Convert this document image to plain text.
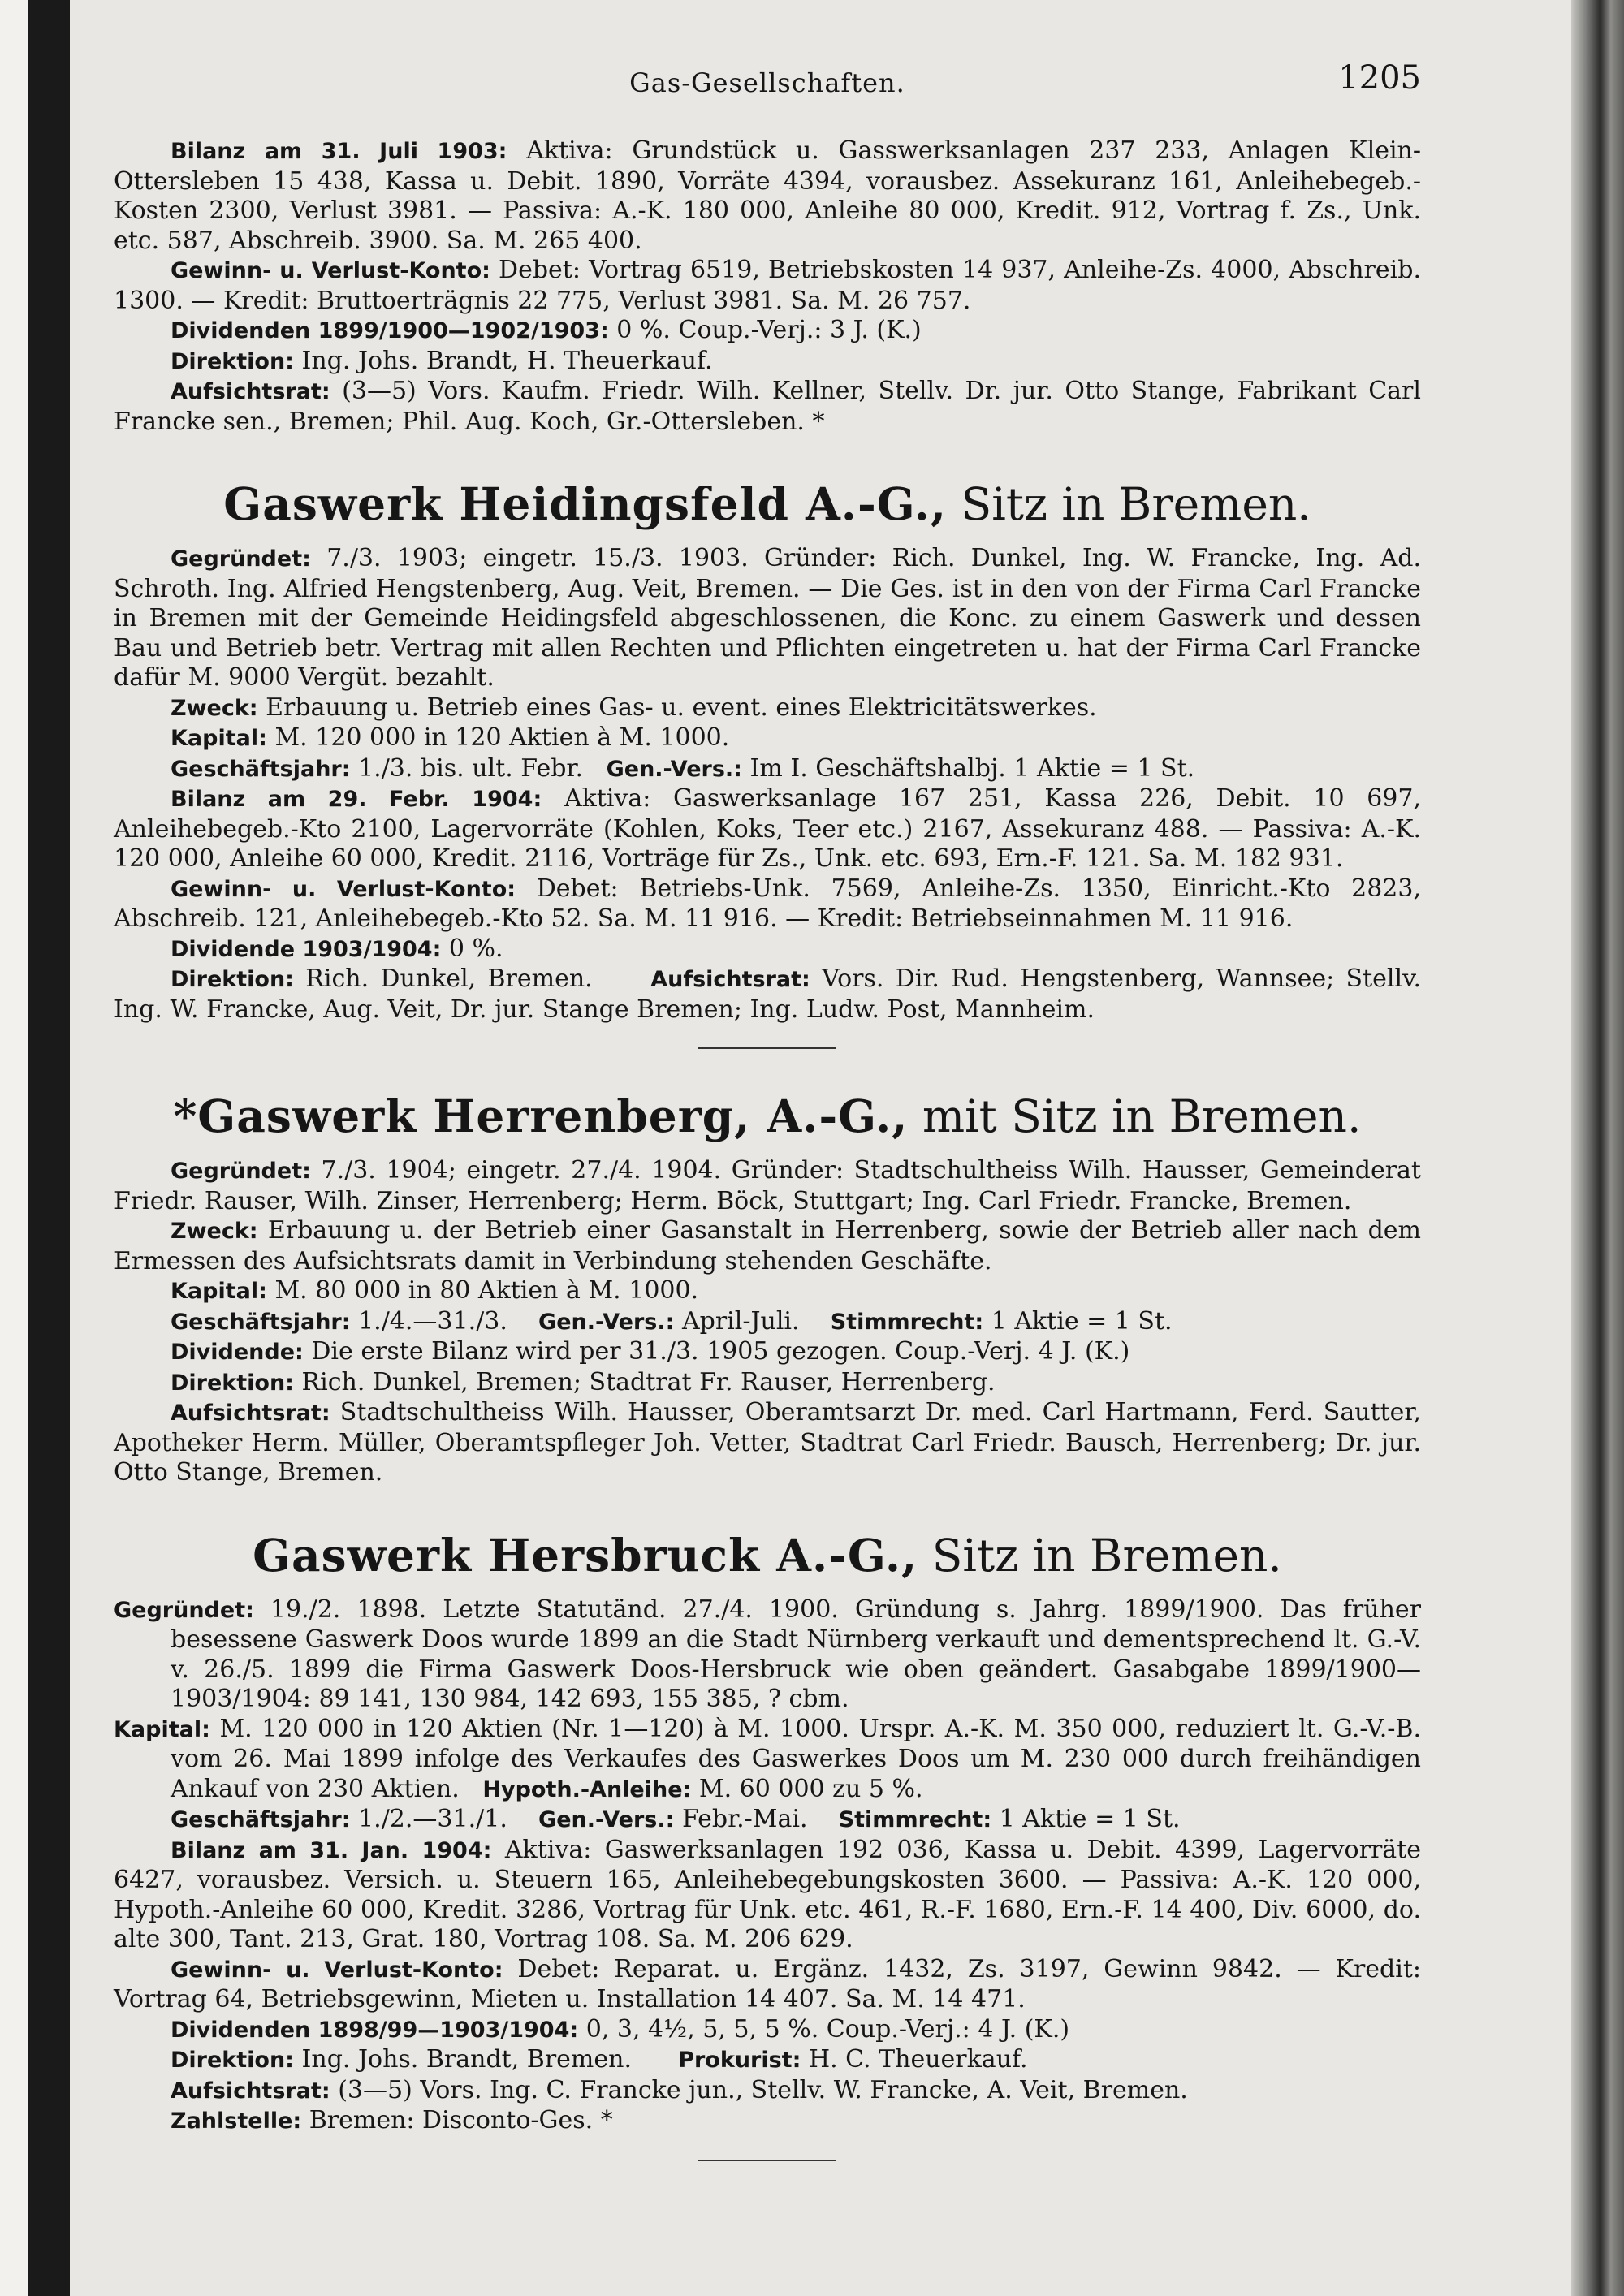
Gas-Gesellschaften.	1205

Bilanz am 31. Juli 1903: Aktiva: Grundstück u. Gasswerksanlagen 237 233, Anlagen Klein-Ottersleben 15 438, Kassa u. Debit. 1890, Vorräte 4394, vorausbez. Assekuranz 161, Anleihebegeb.-Kosten 2300, Verlust 3981. — Passiva: A.-K. 180 000, Anleihe 80 000, Kredit. 912, Vortrag f. Zs., Unk. etc. 587, Abschreib. 3900. Sa. M. 265 400.

Gewinn- u. Verlust-Konto: Debet: Vortrag 6519, Betriebskosten 14 937, Anleihe-Zs. 4000, Abschreib. 1300. — Kredit: Bruttoerträgnis 22 775, Verlust 3981. Sa. M. 26 757.

Dividenden 1899/1900—1902/1903: 0 %. Coup.-Verj.: 3 J. (K.)

Direktion: Ing. Johs. Brandt, H. Theuerkauf.

Aufsichtsrat: (3—5) Vors. Kaufm. Friedr. Wilh. Kellner, Stellv. Dr. jur. Otto Stange, Fabrikant Carl Francke sen., Bremen; Phil. Aug. Koch, Gr.-Ottersleben. *

Gaswerk Heidingsfeld A.-G., Sitz in Bremen.

Gegründet: 7./3. 1903; eingetr. 15./3. 1903. Gründer: Rich. Dunkel, Ing. W. Francke, Ing. Ad. Schroth. Ing. Alfried Hengstenberg, Aug. Veit, Bremen. — Die Ges. ist in den von der Firma Carl Francke in Bremen mit der Gemeinde Heidingsfeld abgeschlossenen, die Konc. zu einem Gaswerk und dessen Bau und Betrieb betr. Vertrag mit allen Rechten und Pflichten eingetreten u. hat der Firma Carl Francke dafür M. 9000 Vergüt. bezahlt.

Zweck: Erbauung u. Betrieb eines Gas- u. event. eines Elektricitätswerkes.

Kapital: M. 120 000 in 120 Aktien à M. 1000.

Geschäftsjahr: 1./3. bis. ult. Febr. Gen.-Vers.: Im I. Geschäftshalbj. 1 Aktie = 1 St.

Bilanz am 29. Febr. 1904: Aktiva: Gaswerksanlage 167 251, Kassa 226, Debit. 10 697, Anleihebegeb.-Kto 2100, Lagervorräte (Kohlen, Koks, Teer etc.) 2167, Assekuranz 488. — Passiva: A.-K. 120 000, Anleihe 60 000, Kredit. 2116, Vorträge für Zs., Unk. etc. 693, Ern.-F. 121. Sa. M. 182 931.

Gewinn- u. Verlust-Konto: Debet: Betriebs-Unk. 7569, Anleihe-Zs. 1350, Einricht.-Kto 2823, Abschreib. 121, Anleihebegeb.-Kto 52. Sa. M. 11 916. — Kredit: Betriebseinnahmen M. 11 916.

Dividende 1903/1904: 0 %.

Direktion: Rich. Dunkel, Bremen.	Aufsichtsrat: Vors. Dir. Rud. Hengstenberg, Wannsee; Stellv. Ing. W. Francke, Aug. Veit, Dr. jur. Stange Bremen; Ing. Ludw. Post, Mannheim.

*Gaswerk Herrenberg, A.-G., mit Sitz in Bremen.

Gegründet: 7./3. 1904; eingetr. 27./4. 1904. Gründer: Stadtschultheiss Wilh. Hausser, Gemeinderat Friedr. Rauser, Wilh. Zinser, Herrenberg; Herm. Böck, Stuttgart; Ing. Carl Friedr. Francke, Bremen.

Zweck: Erbauung u. der Betrieb einer Gasanstalt in Herrenberg, sowie der Betrieb aller nach dem Ermessen des Aufsichtsrats damit in Verbindung stehenden Geschäfte.

Kapital: M. 80 000 in 80 Aktien à M. 1000.

Geschäftsjahr: 1./4.—31./3. Gen.-Vers.: April-Juli. Stimmrecht: 1 Aktie = 1 St.

Dividende: Die erste Bilanz wird per 31./3. 1905 gezogen. Coup.-Verj. 4 J. (K.)

Direktion: Rich. Dunkel, Bremen; Stadtrat Fr. Rauser, Herrenberg.

Aufsichtsrat: Stadtschultheiss Wilh. Hausser, Oberamtsarzt Dr. med. Carl Hartmann, Ferd. Sautter, Apotheker Herm. Müller, Oberamtspfleger Joh. Vetter, Stadtrat Carl Friedr. Bausch, Herrenberg; Dr. jur. Otto Stange, Bremen.

Gaswerk Hersbruck A.-G., Sitz in Bremen.

Gegründet: 19./2. 1898. Letzte Statutänd. 27./4. 1900. Gründung s. Jahrg. 1899/1900. Das früher besessene Gaswerk Doos wurde 1899 an die Stadt Nürnberg verkauft und dementsprechend lt. G.-V. v. 26./5. 1899 die Firma Gaswerk Doos-Hersbruck wie oben geändert. Gasabgabe 1899/1900—1903/1904: 89 141, 130 984, 142 693, 155 385, ? cbm.

Kapital: M. 120 000 in 120 Aktien (Nr. 1—120) à M. 1000. Urspr. A.-K. M. 350 000, reduziert lt. G.-V.-B. vom 26. Mai 1899 infolge des Verkaufes des Gaswerkes Doos um M. 230 000 durch freihändigen Ankauf von 230 Aktien. Hypoth.-Anleihe: M. 60 000 zu 5 %.

Geschäftsjahr: 1./2.—31./1. Gen.-Vers.: Febr.-Mai. Stimmrecht: 1 Aktie = 1 St.

Bilanz am 31. Jan. 1904: Aktiva: Gaswerksanlagen 192 036, Kassa u. Debit. 4399, Lagervorräte 6427, vorausbez. Versich. u. Steuern 165, Anleihebegebungskosten 3600. — Passiva: A.-K. 120 000, Hypoth.-Anleihe 60 000, Kredit. 3286, Vortrag für Unk. etc. 461, R.-F. 1680, Ern.-F. 14 400, Div. 6000, do. alte 300, Tant. 213, Grat. 180, Vortrag 108. Sa. M. 206 629.

Gewinn- u. Verlust-Konto: Debet: Reparat. u. Ergänz. 1432, Zs. 3197, Gewinn 9842. — Kredit: Vortrag 64, Betriebsgewinn, Mieten u. Installation 14 407. Sa. M. 14 471.

Dividenden 1898/99—1903/1904: 0, 3, 4½, 5, 5, 5 %. Coup.-Verj.: 4 J. (K.)

Direktion: Ing. Johs. Brandt, Bremen. Prokurist: H. C. Theuerkauf.

Aufsichtsrat: (3—5) Vors. Ing. C. Francke jun., Stellv. W. Francke, A. Veit, Bremen.

Zahlstelle: Bremen: Disconto-Ges. *
